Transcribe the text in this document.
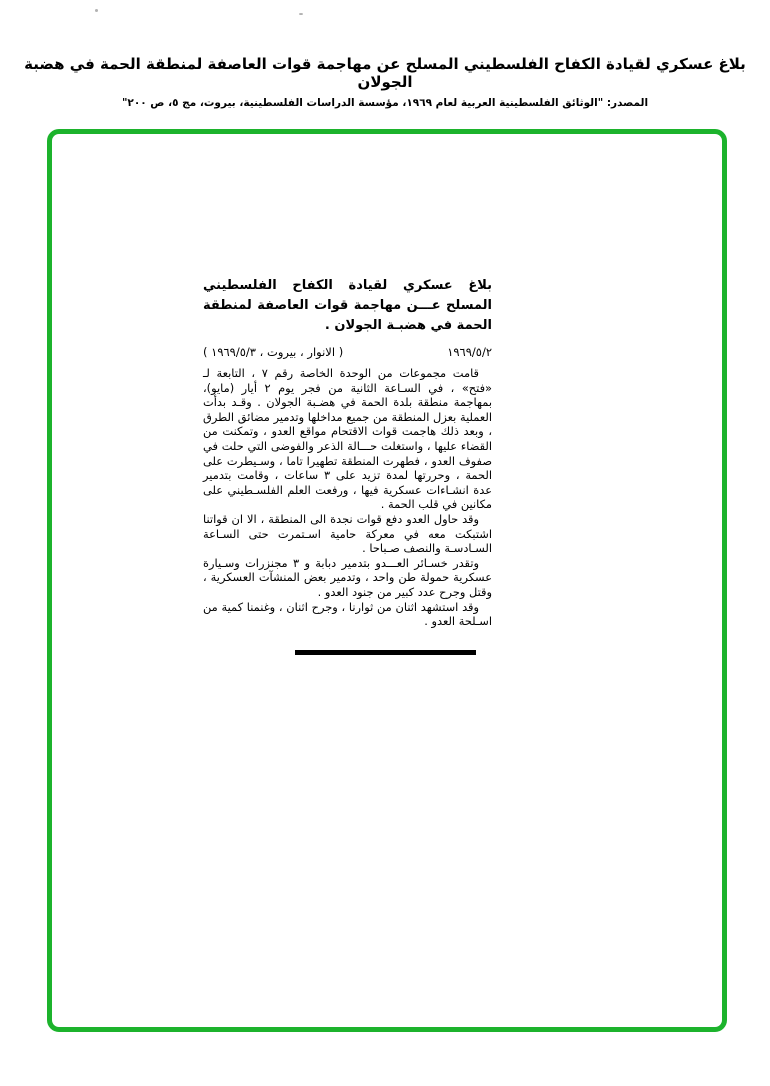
بلاغ عسكري لقيادة الكفاح الفلسطيني المسلح عن مهاجمة قوات العاصفة لمنطقة الحمة في هضبة الجولان
المصدر: "الوثائق الفلسطينية العربية لعام ١٩٦٩، مؤسسة الدراسات الفلسطينية، بيروت، مج ٥، ص ٢٠٠"
بلاغ عسكري لقيادة الكفاح الفلسطيني المسلح عـــن مهاجمة قوات العاصفة لمنطقة الحمة في هضبـة الجولان .
١٩٦٩/٥/٢
( الانوار ، بيروت ، ١٩٦٩/٥/٣ )

قامت مجموعات من الوحدة الخاصة رقم ٧ ، التابعة لـ «فتح» ، في السـاعة الثانية من فجر يوم ٢ أيار (مايو)، بمهاجمة منطقة بلدة الحمة في هضـبة الجولان . وقـد بدأت العملية بعزل المنطقة من جميع مداخلها وتدمير مضائق الطرق ، وبعد ذلك هاجمت قوات الاقتحام مواقع العدو ، وتمكنت من القضاء عليها ، واستغلت حـــالة الذعر والفوضى التي حلت في صفوف العدو ، فطهرت المنطقة تطهيرا تاما ، وسـيطرت على الحمة ، وحررتها لمدة تزيد على ٣ ساعات ، وقامت بتدمير عدة انشـاءات عسكرية فيها ، ورفعت العلم الفلسـطيني على مكانين في قلب الحمة .

وقد حاول العدو دفع قوات نجدة الى المنطقة ، الا ان قواتنا اشتبكت معه في معركة حامية اسـتمرت حتى السـاعة السـادسـة والنصف صـباحا .

وتقدر خسـائر العـــدو بتدمير دبابة و ٣ مجنزرات وسـيارة عسكرية حمولة طن واحد ، وتدمير بعض المنشآت العسكرية ، وقتل وجرح عدد كبير من جنود العدو .

وقد استشهد اثنان من ثوارنا ، وجرح اثنان ، وغنمنا كمية من اسـلحة العدو .
